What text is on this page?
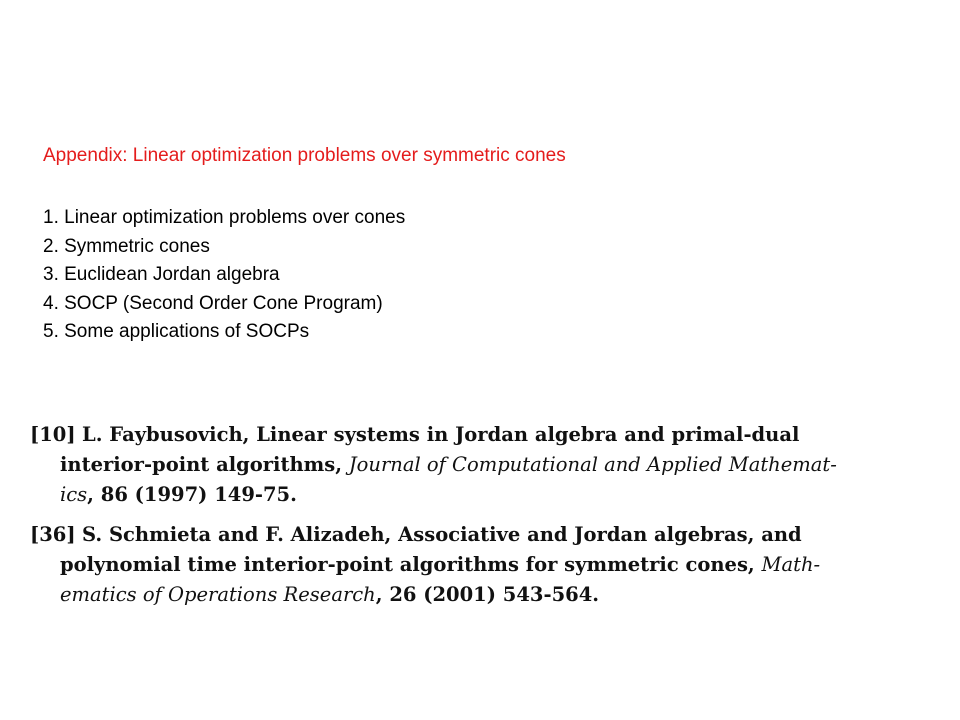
Appendix: Linear optimization problems over symmetric cones
1. Linear optimization problems over cones
2. Symmetric cones
3. Euclidean Jordan algebra
4. SOCP (Second Order Cone Program)
5. Some applications of SOCPs
[10] L. Faybusovich, Linear systems in Jordan algebra and primal-dual
interior-point algorithms, Journal of Computational and Applied Mathemat-
ics, 86 (1997) 149-75.
[36] S. Schmieta and F. Alizadeh, Associative and Jordan algebras, and
polynomial time interior-point algorithms for symmetric cones, Math-
ematics of Operations Research, 26 (2001) 543-564.
